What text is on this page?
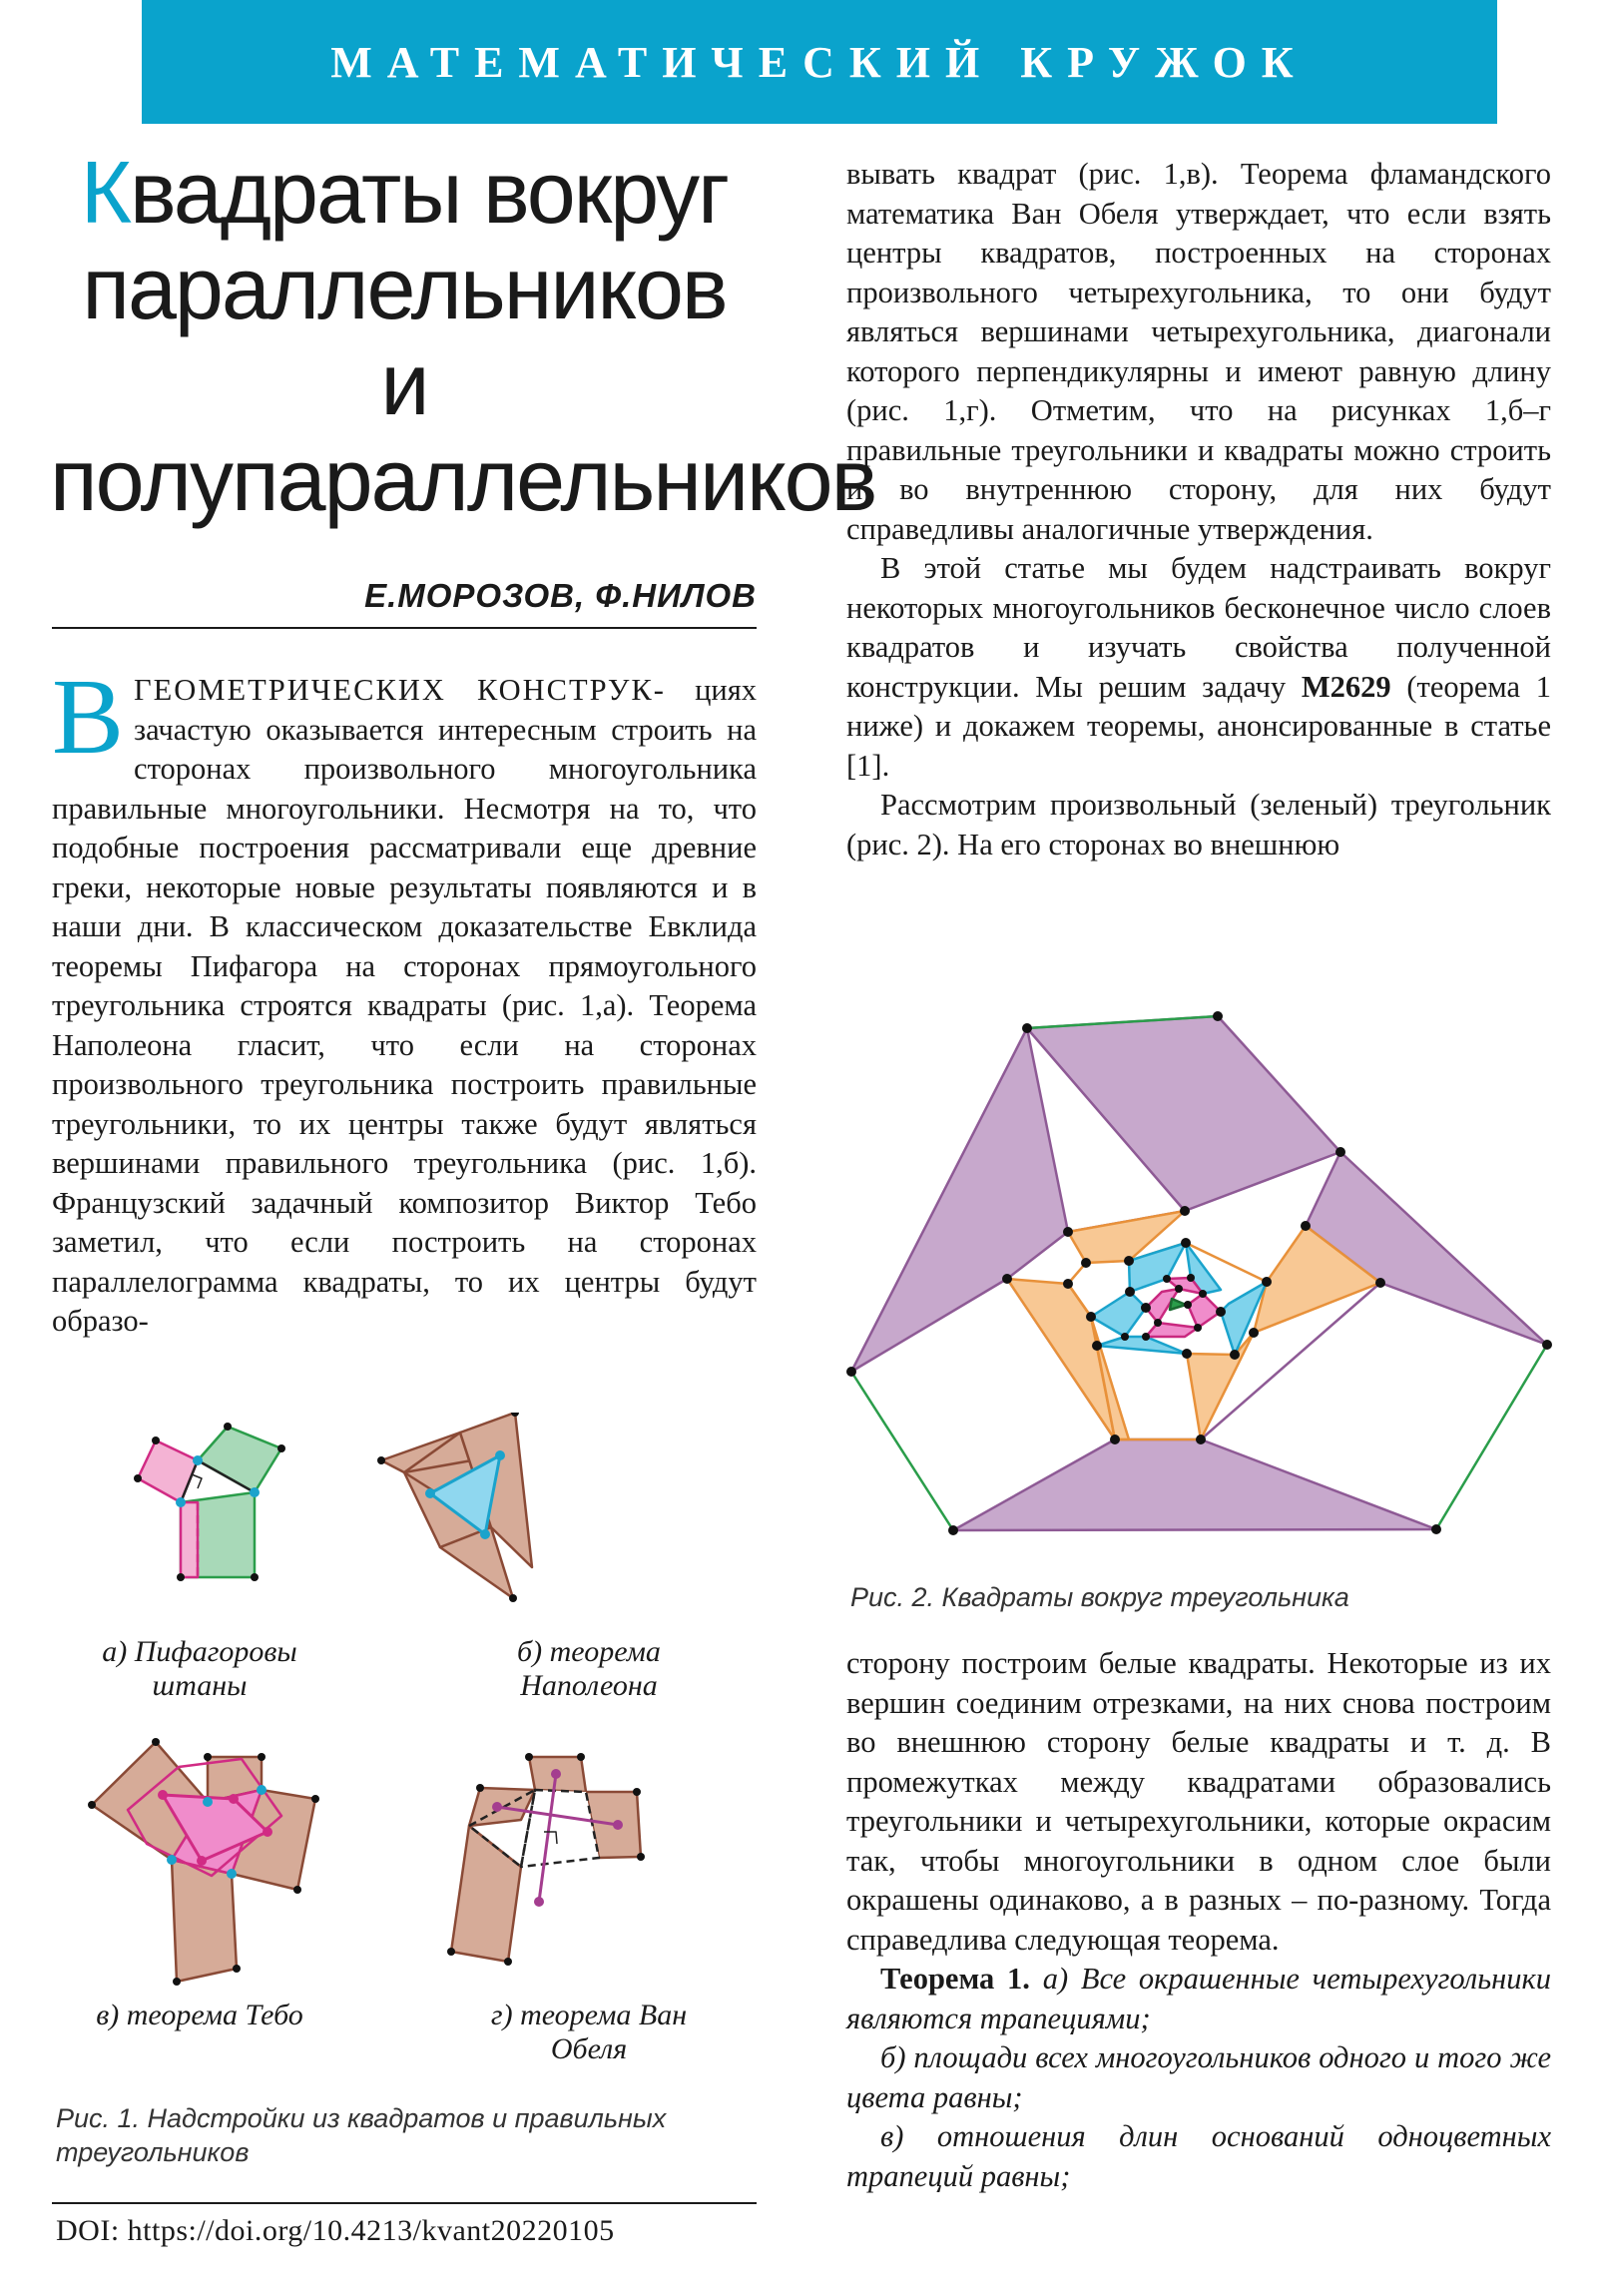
МАТЕМАТИЧЕСКИЙ КРУЖОК
Квадраты вокруг
параллельников
и
полупараллельников
Е.МОРОЗОВ, Ф.НИЛОВ

ВГЕОМЕТРИЧЕСКИХ КОНСТРУК- циях зачастую оказывается интересным строить на сторонах произвольного многоугольника правильные многоугольники. Несмотря на то, что подобные построения рассматривали еще древние греки, некоторые новые результаты появляются и в наши дни. В классическом доказательстве Евклида теоремы Пифагора на сторонах прямоугольного треугольника строятся квадраты (рис. 1,а). Теорема Наполеона гласит, что если на сторонах произвольного треугольника построить правильные треугольники, то их центры также будут являться вершинами правильного треугольника (рис. 1,б). Французский задачный композитор Виктор Тебо заметил, что если построить на сторонах параллелограмма квадраты, то их центры будут образо-

вывать квадрат (рис. 1,в). Теорема фламандского математика Ван Обеля утверждает, что если взять центры квадратов, построенных на сторонах произвольного четырехугольника, то они будут являться вершинами четырехугольника, диагонали которого перпендикулярны и имеют равную длину (рис. 1,г). Отметим, что на рисунках 1,б–г правильные треугольники и квадраты можно строить и во внутреннюю сторону, для них будут справедливы аналогичные утверждения.

В этой статье мы будем надстраивать вокруг некоторых многоугольников бесконечное число слоев квадратов и изучать свойства полученной конструкции. Мы решим задачу М2629 (теорема 1 ниже) и докажем теоремы, анонсированные в статье [1].

Рассмотрим произвольный (зеленый) треугольник (рис. 2). На его сторонах во внешнюю

Рис. 2. Квадраты вокруг треугольника

сторону построим белые квадраты. Некоторые из их вершин соединим отрезками, на них снова построим во внешнюю сторону белые квадраты и т. д. В промежутках между квадратами образовались треугольники и четырехугольники, которые окрасим так, чтобы многоугольники в одном слое были окрашены одинаково, а в разных – по-разному. Тогда справедлива следующая теорема.

Теорема 1. а) Все окрашенные четырехугольники являются трапециями;

б) площади всех многоугольников одного и того же цвета равны;

в) отношения длин оснований одноцветных трапеций равны;

а) Пифагоровы
штаны
б) теорема
Наполеона
в) теорема Тебо	г) теорема Ван
Обеля
Рис. 1. Надстройки из квадратов и правильных треугольников
DOI: https://doi.org/10.4213/kvant20220105
